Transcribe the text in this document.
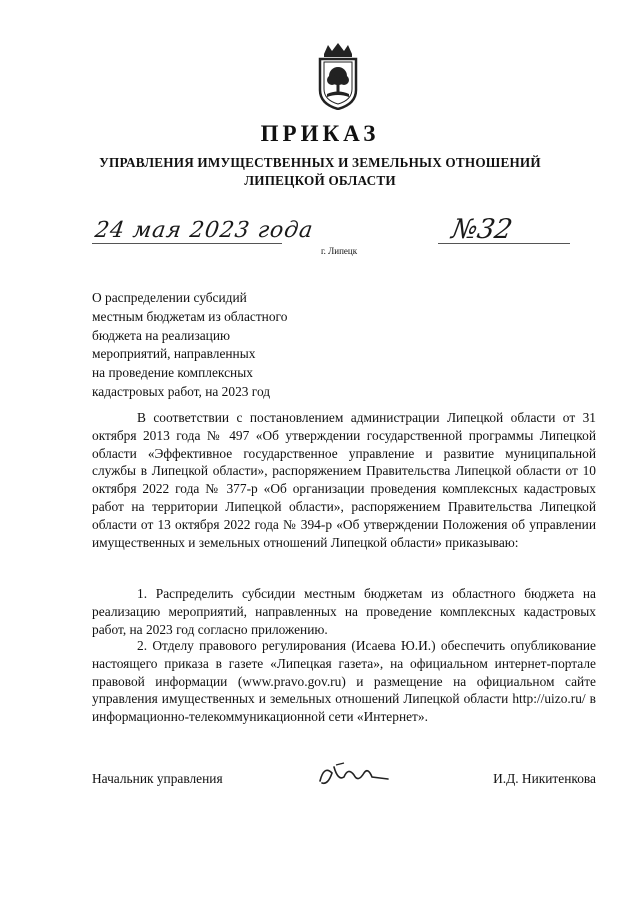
ПРИКАЗ
УПРАВЛЕНИЯ ИМУЩЕСТВЕННЫХ И ЗЕМЕЛЬНЫХ ОТНОШЕНИЙ
ЛИПЕЦКОЙ ОБЛАСТИ
24 мая 2023 года
г. Липецк
№32
О распределении субсидий
местным бюджетам из областного
бюджета на реализацию
мероприятий, направленных
на проведение комплексных
кадастровых работ, на 2023 год

В соответствии с постановлением администрации Липецкой области от 31 октября 2013 года № 497 «Об утверждении государственной программы Липецкой области «Эффективное государственное управление и развитие муниципальной службы в Липецкой области», распоряжением Правительства Липецкой области от 10 октября 2022 года № 377-р «Об организации проведения комплексных кадастровых работ на территории Липецкой области», распоряжением Правительства Липецкой области от 13 октября 2022 года № 394-р «Об утверждении Положения об управлении имущественных и земельных отношений Липецкой области» приказываю:

1. Распределить субсидии местным бюджетам из областного бюджета на реализацию мероприятий, направленных на проведение комплексных кадастровых работ, на 2023 год согласно приложению.

2. Отделу правового регулирования (Исаева Ю.И.) обеспечить опубликование настоящего приказа в газете «Липецкая газета», на официальном интернет-портале правовой информации (www.pravo.gov.ru) и размещение на официальном сайте управления имущественных и земельных отношений Липецкой области http://uizo.ru/ в информационно-телекоммуникационной сети «Интернет».

Начальник управления	И.Д. Никитенкова
